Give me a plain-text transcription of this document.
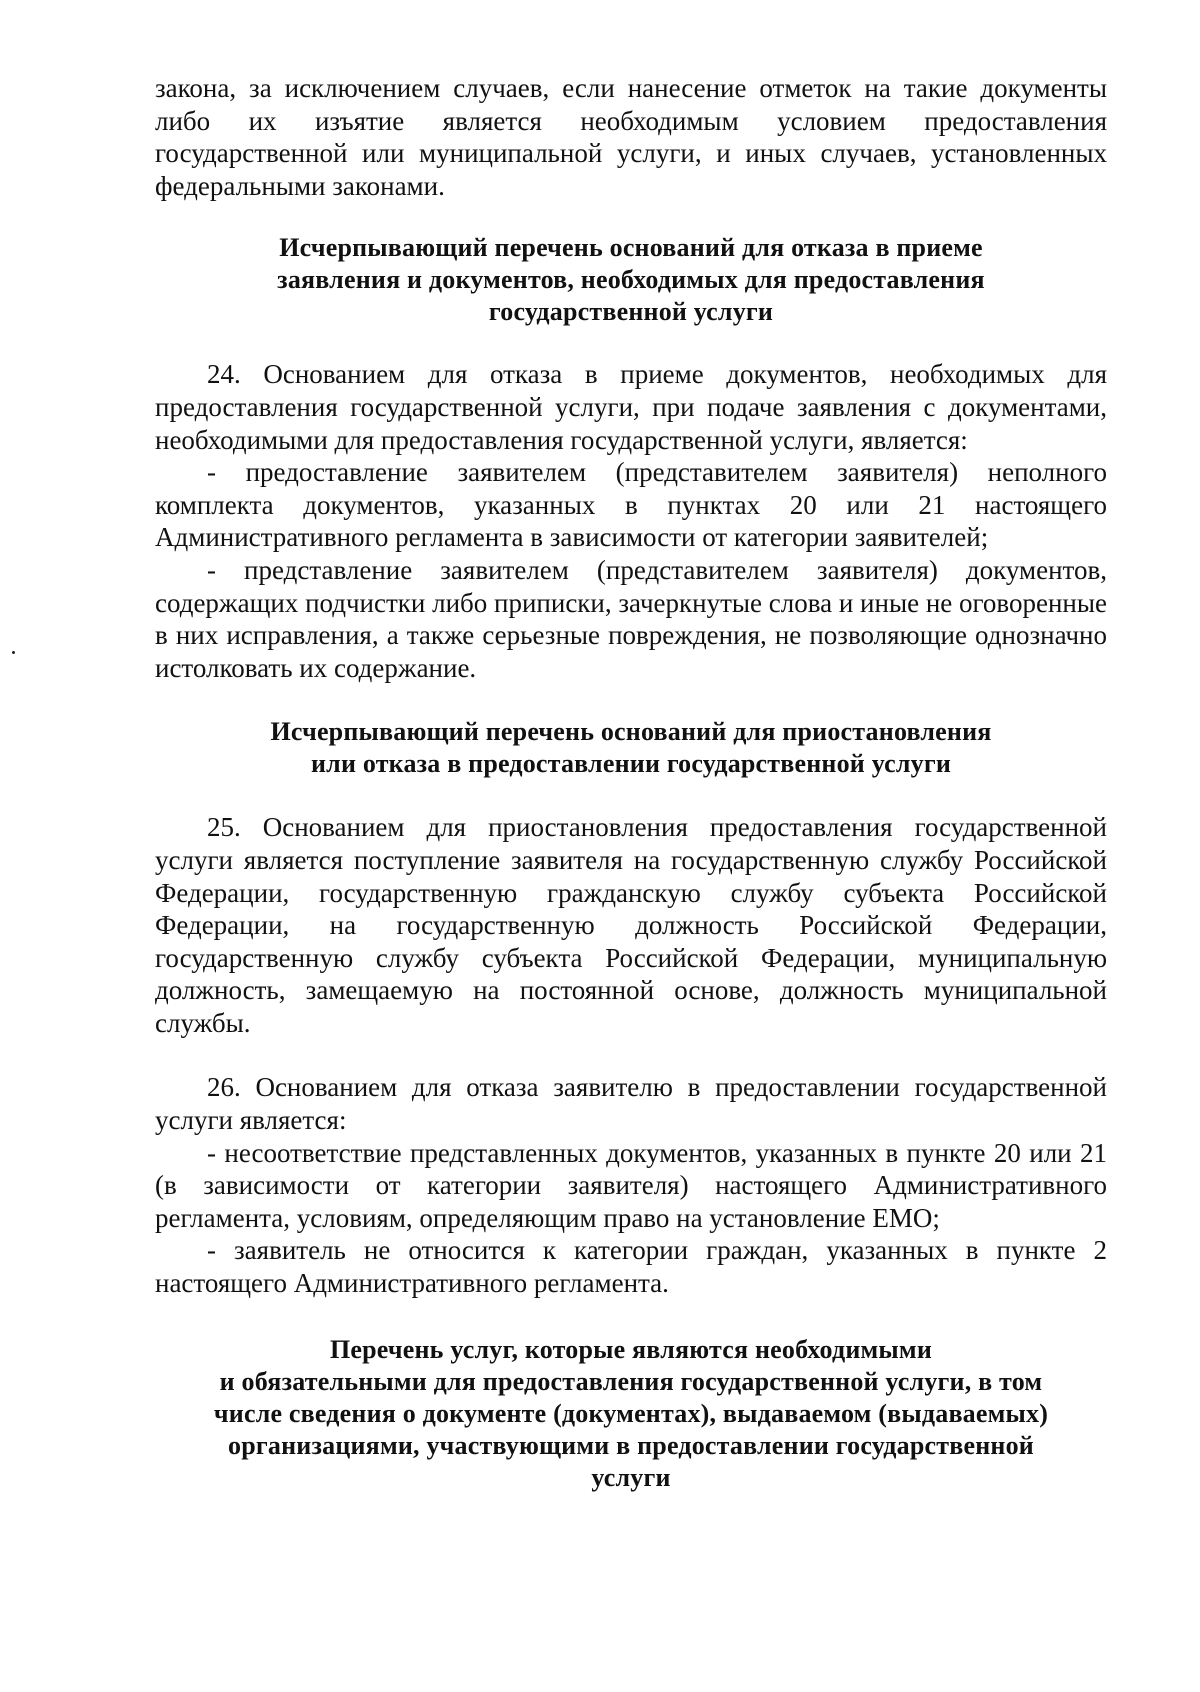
закона, за исключением случаев, если нанесение отметок на такие документы либо их изъятие является необходимым условием предоставления государственной или муниципальной услуги, и иных случаев, установленных федеральными законами.

Исчерпывающий перечень оснований для отказа в приеме
заявления и документов, необходимых для предоставления
государственной услуги

24. Основанием для отказа в приеме документов, необходимых для предоставления государственной услуги, при подаче заявления с документами, необходимыми для предоставления государственной услуги, является:

- предоставление заявителем (представителем заявителя) неполного комплекта документов, указанных в пунктах 20 или 21 настоящего Административного регламента в зависимости от категории заявителей;

- представление заявителем (представителем заявителя) документов, содержащих подчистки либо приписки, зачеркнутые слова и иные не оговоренные в них исправления, а также серьезные повреждения, не позволяющие однозначно истолковать их содержание.

Исчерпывающий перечень оснований для приостановления
или отказа в предоставлении государственной услуги

25. Основанием для приостановления предоставления государственной услуги является поступление заявителя на государственную службу Российской Федерации, государственную гражданскую службу субъекта Российской Федерации, на государственную должность Российской Федерации, государственную службу субъекта Российской Федерации, муниципальную должность, замещаемую на постоянной основе, должность муниципальной службы.

26. Основанием для отказа заявителю в предоставлении государственной услуги является:

- несоответствие представленных документов, указанных в пункте 20 или 21 (в зависимости от категории заявителя) настоящего Административного регламента, условиям, определяющим право на установление ЕМО;

- заявитель не относится к категории граждан, указанных в пункте 2 настоящего Административного регламента.

Перечень услуг, которые являются необходимыми
и обязательными для предоставления государственной услуги, в том
числе сведения о документе (документах), выдаваемом (выдаваемых)
организациями, участвующими в предоставлении государственной
услуги
